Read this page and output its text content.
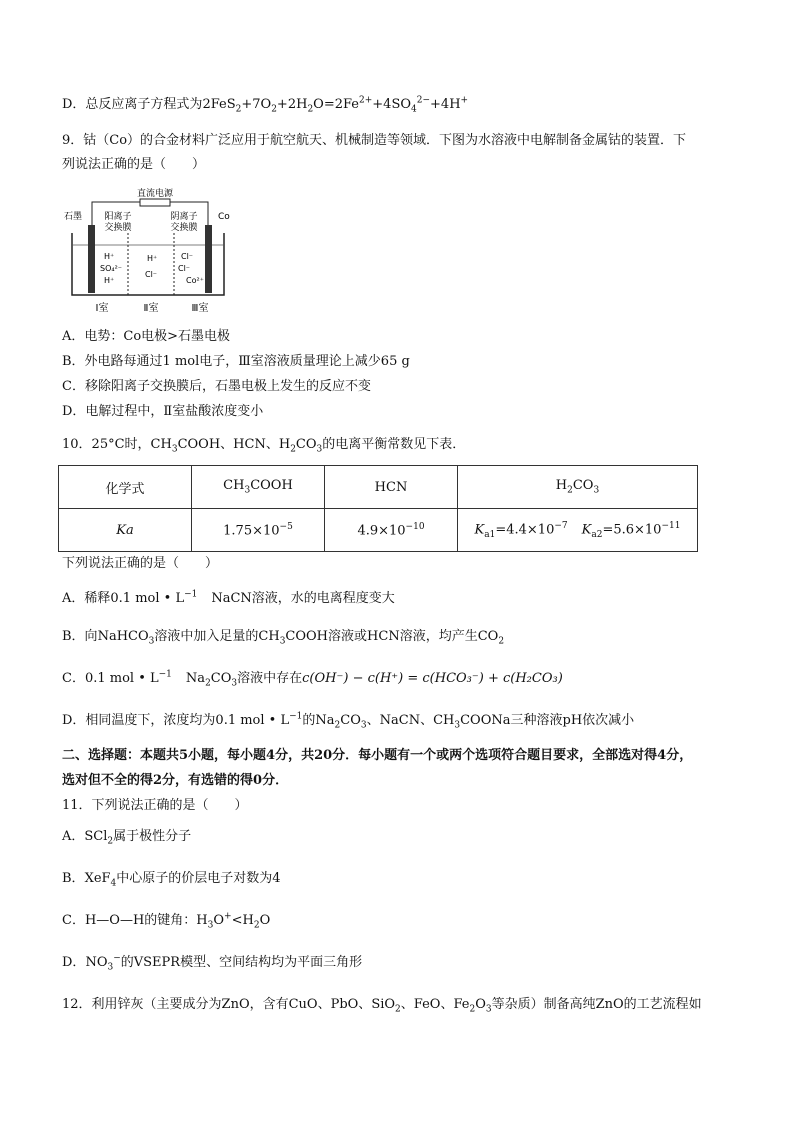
D．总反应离子方程式为$2FeS_2+7O_2+2H_2O=2Fe^{2+}+4SO_4^{2-}+4H^+$
9．钴（Co）的合金材料广泛应用于航空航天、机械制造等领域．下图为水溶液中电解制备金属钴的装置．下
列说法正确的是（　　）
直流电源
石墨 阳离子
交换膜
阴离子
交换膜
Co
H⁺
SO₄²⁻
H⁺
H⁺
Cl⁻
Cl⁻
Cl⁻
Co²⁺
Ⅰ室	Ⅱ室	Ⅲ室
A．电势：Co电极>石墨电极
B．外电路每通过1 mol电子，Ⅲ室溶液质量理论上减少65 g
C．移除阳离子交换膜后，石墨电极上发生的反应不变
D．电解过程中，Ⅱ室盐酸浓度变小
10．25°C时，$CH_3COOH$、HCN、$H_2CO_3$的电离平衡常数见下表．
化学式	$CH_3COOH$	HCN	$H_2CO_3$
Ka	$1.75\times 10^{-5}$	$4.9\times 10^{-10}$	$K_{a1}=4.4\times 10^{-7}$ $K_{a2}=5.6\times 10^{-11}$
下列说法正确的是（　　）
A．稀释0.1 mol • $L^{-1}$ NaCN溶液，水的电离程度变大
B．向NaHCO$_3$溶液中加入足量的$CH_3COOH$溶液或HCN溶液，均产生$CO_2$
C．0.1 mol • $L^{-1}$ $Na_2CO_3$溶液中存在c(OH⁻) − c(H⁺) = c(HCO₃⁻) + c(H₂CO₃)
D．相同温度下，浓度均为0.1 mol • $L^{-1}$的$Na_2CO_3$、NaCN、$CH_3COONa$三种溶液pH依次减小
二、选择题：本题共5小题，每小题4分，共20分．每小题有一个或两个选项符合题目要求，全部选对得4分，
选对但不全的得2分，有选错的得0分．
11．下列说法正确的是（　　）
A．SCl$_2$属于极性分子
B．XeF$_4$中心原子的价层电子对数为4
C．H—O—H的键角：$H_3O^+<H_2O$
D．$NO_3^-$的VSEPR模型、空间结构均为平面三角形
12．利用锌灰（主要成分为ZnO，含有CuO、PbO、SiO$_2$、FeO、$Fe_2O_3$等杂质）制备高纯ZnO的工艺流程如
